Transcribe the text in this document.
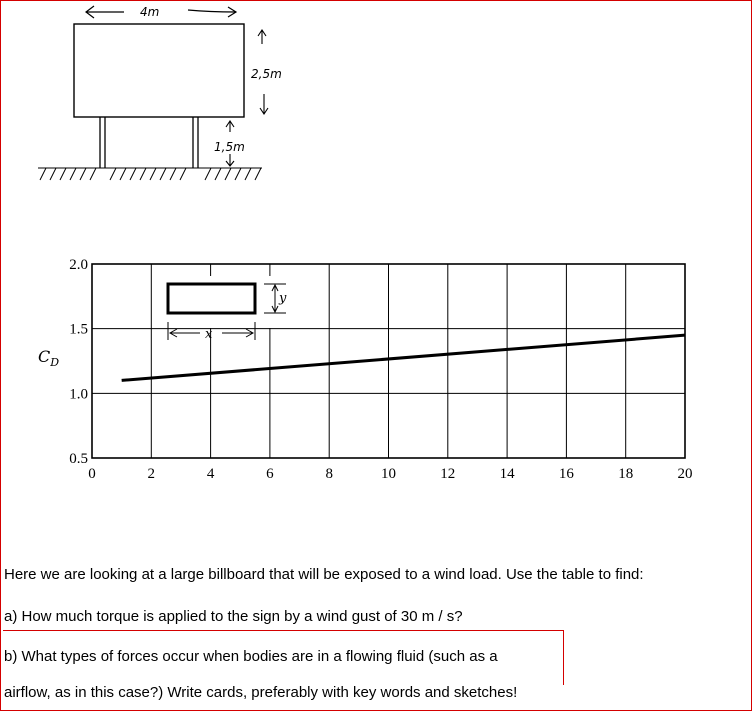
4m
2,5m
1,5m
0	2	4	6	8	10	12	14	16	18	20
2.0
1.5
1.0
0.5
$C_D$
y
x
Here we are looking at a large billboard that will be exposed to a wind load. Use the table to find:
a) How much torque is applied to the sign by a wind gust of 30 m / s?
b) What types of forces occur when bodies are in a flowing fluid (such as a
airflow, as in this case?) Write cards, preferably with key words and sketches!
